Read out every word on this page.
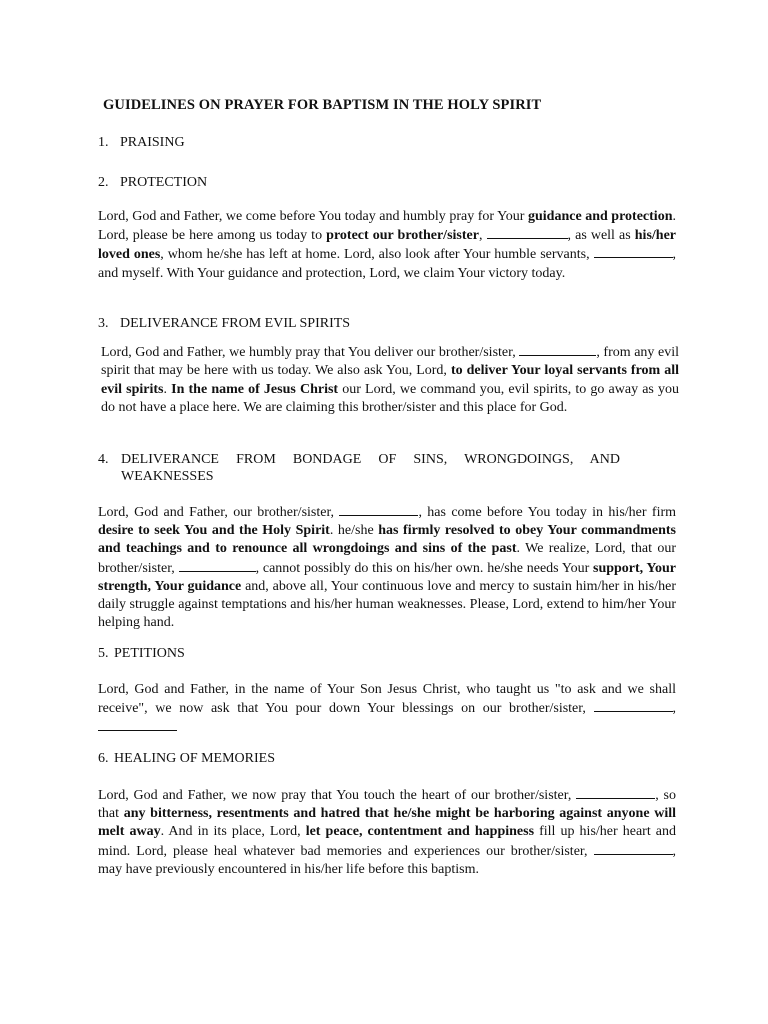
GUIDELINES ON PRAYER FOR BAPTISM IN THE HOLY SPIRIT
1. PRAISING
2. PROTECTION
Lord, God and Father, we come before You today and humbly pray for Your guidance and protection. Lord, please be here among us today to protect our brother/sister,	, as well as his/her loved ones, whom he/she has left at home. Lord, also look after Your humble servants,	, and myself. With Your guidance and protection, Lord, we claim Your victory today.
3. DELIVERANCE FROM EVIL SPIRITS
Lord, God and Father, we humbly pray that You deliver our brother/sister,	, from any evil spirit that may be here with us today. We also ask You, Lord, to deliver Your loyal servants from all evil spirits. In the name of Jesus Christ our Lord, we command you, evil spirits, to go away as you do not have a place here. We are claiming this brother/sister and this place for God.
4. DELIVERANCE FROM BONDAGE OF SINS, WRONGDOINGS, AND
WEAKNESSES
Lord, God and Father, our brother/sister,	, has come before You today in his/her firm desire to seek You and the Holy Spirit. he/she has firmly resolved to obey Your commandments and teachings and to renounce all wrongdoings and sins of the past. We realize, Lord, that our brother/sister,	, cannot possibly do this on his/her own. he/she needs Your support, Your strength, Your guidance and, above all, Your continuous love and mercy to sustain him/her in his/her daily struggle against temptations and his/her human weaknesses. Please, Lord, extend to him/her Your helping hand.
5. PETITIONS
Lord, God and Father, in the name of Your Son Jesus Christ, who taught us "to ask and we shall receive", we now ask that You pour down Your blessings on our brother/sister,	,
6. HEALING OF MEMORIES
Lord, God and Father, we now pray that You touch the heart of our brother/sister,	, so that any bitterness, resentments and hatred that he/she might be harboring against anyone will melt away. And in its place, Lord, let peace, contentment and happiness fill up his/her heart and mind. Lord, please heal whatever bad memories and experiences our brother/sister,	, may have previously encountered in his/her life before this baptism.
